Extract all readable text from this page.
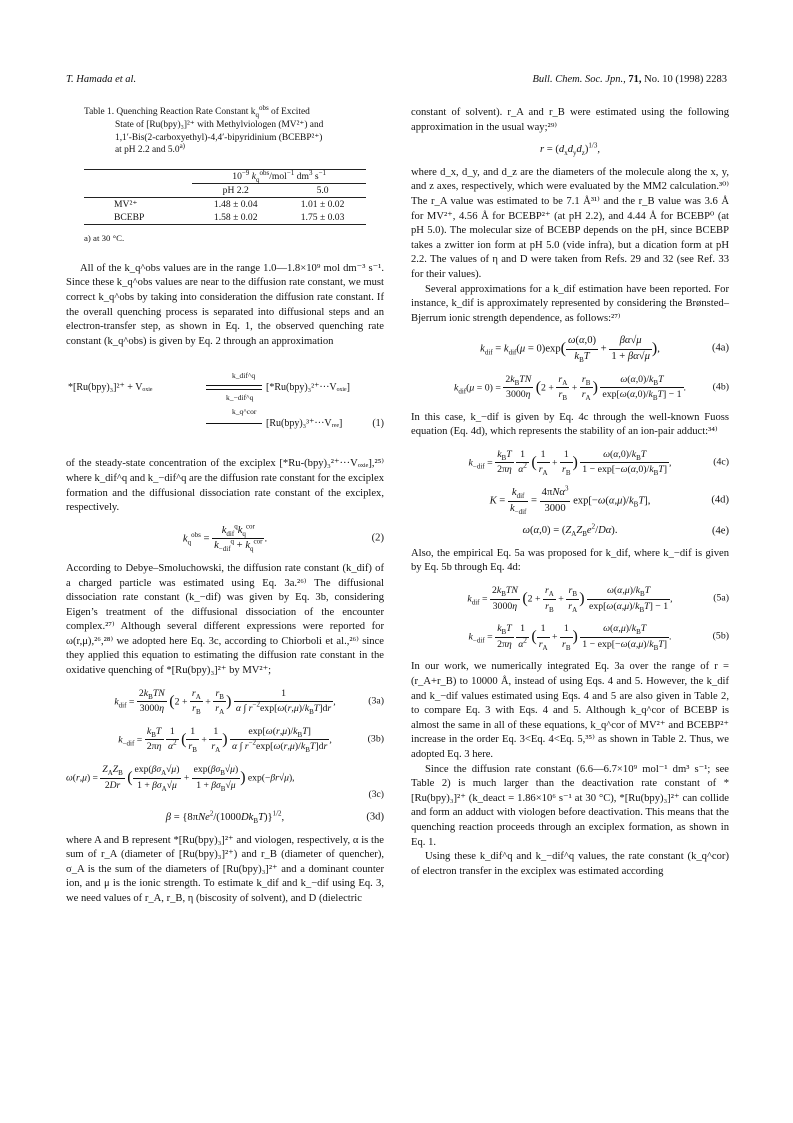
T. Hamada et al.	Bull. Chem. Soc. Jpn., 71, No. 10 (1998) 2283
Table 1. Quenching Reaction Rate Constant $k_q^{obs}$ of Excited
State of [Ru(bpy)₃]²⁺ with Methylviologen (MV²⁺) and
1,1′-Bis(2-carboxyethyl)-4,4′-bipyridinium (BCEBP²⁺)
at pH 2.2 and 5.0$^{a)}$
	$10^{-9}$ $k_q^{obs}/mol^{-1}$ $dm^3$ $s^{-1}$
	pH 2.2	5.0
MV²⁺	1.48 ± 0.04	1.01 ± 0.02
BCEBP	1.58 ± 0.02	1.75 ± 0.03
a) at 30 °C.

All of the k_q^obs values are in the range 1.0—1.8×10⁹ mol dm⁻³ s⁻¹. Since these k_q^obs values are near to the diffusion rate constant, we must correct k_q^obs by taking into consideration the diffusion rate constant. If the overall quenching process is separated into diffusional steps and an electron-transfer step, as shown in Eq. 1, the observed quenching rate constant (k_q^obs) is given by Eq. 2 through an approximation

*[Ru(bpy)₃]²⁺ + Vₒₓᵢₑ
k_dif^q
k_−dif^q
[*Ru(bpy)₃²⁺···Vₒₓᵢₑ]
k_q^cor
[Ru(bpy)₃³⁺···Vᵣₑₑ]	(1)

of the steady-state concentration of the exciplex [*Ru-(bpy)₃²⁺···Vₒₓᵢₑ],²⁵⁾ where k_dif^q and k_−dif^q are the diffusion rate constant for the exciplex formation and the diffusional dissociation rate constant of the exciplex, respectively.

$k_q^{obs} = \frac{k_{dif}^qk_q^{cor}}{k_{-dif}^q + k_q^{cor}}$ .	(2)

According to Debye–Smoluchowski, the diffusion rate constant (k_dif) of a charged particle was estimated using Eq. 3a.²⁶⁾ The diffusional dissociation rate constant (k_−dif) was given by Eq. 3b, considering Eigen’s treatment of the diffusional dissociation of the encounter complex.²⁷⁾ Although several different expressions were reported for ω(r,μ),²⁶,²⁸⁾ we adopted here Eq. 3c, according to Chiorboli et al.,²⁶⁾ since they applied this equation to estimating the diffusion rate constant in the oxidative quenching of *[Ru(bpy)₃]²⁺ by MV²⁺;

$k_{dif} = \frac{2k_BTN}{3000\eta} (2 + \frac{r_A}{r_B} + \frac{r_B}{r_A}$ ) $\frac{1}{\alpha \int r^{-2}\exp[\omega(r,\mu)/k_BT]dr}$ ,	(3a)
$k_{-dif} = \frac{k_BT}{2\pi\eta}$
$\frac{1}{\alpha^2}$ ( $\frac{1}{r_B} + \frac{1}{r_A}$ ) $\frac{\exp[\omega(r,\mu)/k_BT]}{\alpha \int r^{-2}\exp[\omega(r,\mu)/k_BT]dr}$ ,	(3b)
$\omega(r,\mu) = \frac{Z_AZ_B}{2Dr}$ ( $\frac{\exp(\beta\sigma_A√\mu)}{1 + \beta\sigma_A√\mu} + \frac{\exp(\beta\sigma_B√\mu)}{1 + \beta\sigma_B√\mu}$ ) exp(−βr√μ),
(3c)
$\beta = \{8\pi Ne^2/(1000Dk_BT)\}^{1/2}$,	(3d)

where A and B represent *[Ru(bpy)₃]²⁺ and viologen, respectively, α is the sum of r_A (diameter of [Ru(bpy)₃]²⁺) and r_B (diameter of quencher), σ_A is the sum of the diameters of [Ru(bpy)₃]²⁺ and a dominant counter ion, and μ is the ionic strength. To estimate k_dif and k_−dif using Eq. 3, we need values of r_A, r_B, η (biscosity of solvent), and D (dielectric

constant of solvent). r_A and r_B were estimated using the following approximation in the usual way;²⁹⁾

$r = (d_xd_yd_z)^{1/3}$,

where d_x, d_y, and d_z are the diameters of the molecule along the x, y, and z axes, respectively, which were evaluated by the MM2 calculation.³⁰⁾ The r_A value was estimated to be 7.1 Å³¹⁾ and the r_B value was 3.6 Å for MV²⁺, 4.56 Å for BCEBP²⁺ (at pH 2.2), and 4.44 Å for BCEBP⁰ (at pH 5.0). The molecular size of BCEBP depends on the pH, since BCEBP takes a zwitter ion form at pH 5.0 (vide infra), but a dication form at pH 2.2. The values of η and D were taken from Refs. 29 and 32 (see Ref. 33 for their values).

Several approximations for a k_dif estimation have been reported. For instance, k_dif is approximately represented by considering the Brønsted–Bjerrum ionic strength dependence, as follows:²⁷⁾

$k_{dif} = k_{dif}(\mu = 0)\exp( \frac{\omega(\alpha,0)}{k_BT} + \frac{\beta\alpha√\mu}{1 + \beta\alpha√\mu}$ ),	(4a)
$k_{dif}(\mu = 0) = \frac{2k_BTN}{3000\eta} (2 + \frac{r_A}{r_B} + \frac{r_B}{r_A}$ ) $\frac{\omega(\alpha,0)/k_BT}{\exp[\omega(\alpha,0)/k_BT] - 1}$ .	(4b)

In this case, k_−dif is given by Eq. 4c through the well-known Fuoss equation (Eq. 4d), which represents the stability of an ion-pair adduct:³⁴⁾

$k_{-dif} = \frac{k_BT}{2\pi\eta}$
$\frac{1}{\alpha^2}$ ( $\frac{1}{r_A} + \frac{1}{r_B}$ ) $\frac{\omega(\alpha,0)/k_BT}{1 - \exp[-\omega(\alpha,0)/k_BT]}$ ,	(4c)
$K = \frac{k_{dif}}{k_{-dif}} = \frac{4\pi N\alpha^3}{3000} \exp[-\omega(\alpha,\mu)/k_BT]$,	(4d)
$\omega(\alpha,0) = (Z_AZ_Be^2/D\alpha)$.	(4e)

Also, the empirical Eq. 5a was proposed for k_dif, where k_−dif is given by Eq. 5b through Eq. 4d:

$k_{dif} = \frac{2k_BTN}{3000\eta} (2 + \frac{r_A}{r_B} + \frac{r_B}{r_A}$ ) $\frac{\omega(\alpha,\mu)/k_BT}{\exp[\omega(\alpha,\mu)/k_BT] - 1}$ ,	(5a)
$k_{-dif} = \frac{k_BT}{2\pi\eta}$
$\frac{1}{\alpha^2}$ ( $\frac{1}{r_A} + \frac{1}{r_B}$ ) $\frac{\omega(\alpha,\mu)/k_BT}{1 - \exp[-\omega(\alpha,\mu)/k_BT]}$ .	(5b)

In our work, we numerically integrated Eq. 3a over the range of r = (r_A+r_B) to 10000 Å, instead of using Eqs. 4 and 5. However, the k_dif and k_−dif values estimated using Eqs. 4 and 5 are also given in Table 2, to compare Eq. 3 with Eqs. 4 and 5. Although k_q^cor of BCEBP is almost the same in all of these equations, k_q^cor of MV²⁺ and BCEBP²⁺ increase in the order Eq. 3<Eq. 4<Eq. 5,³⁵⁾ as shown in Table 2. Thus, we adopted Eq. 3 here.

Since the diffusion rate constant (6.6—6.7×10⁹ mol⁻¹ dm³ s⁻¹; see Table 2) is much larger than the deactivation rate constant of *[Ru(bpy)₃]²⁺ (k_deact = 1.86×10⁶ s⁻¹ at 30 °C), *[Ru(bpy)₃]²⁺ can collide and form an adduct with viologen before deactivation. This means that the quenching reaction proceeds through an exciplex formation, as shown in Eq. 1.

Using these k_dif^q and k_−dif^q values, the rate constant (k_q^cor) of electron transfer in the exciplex was estimated according
